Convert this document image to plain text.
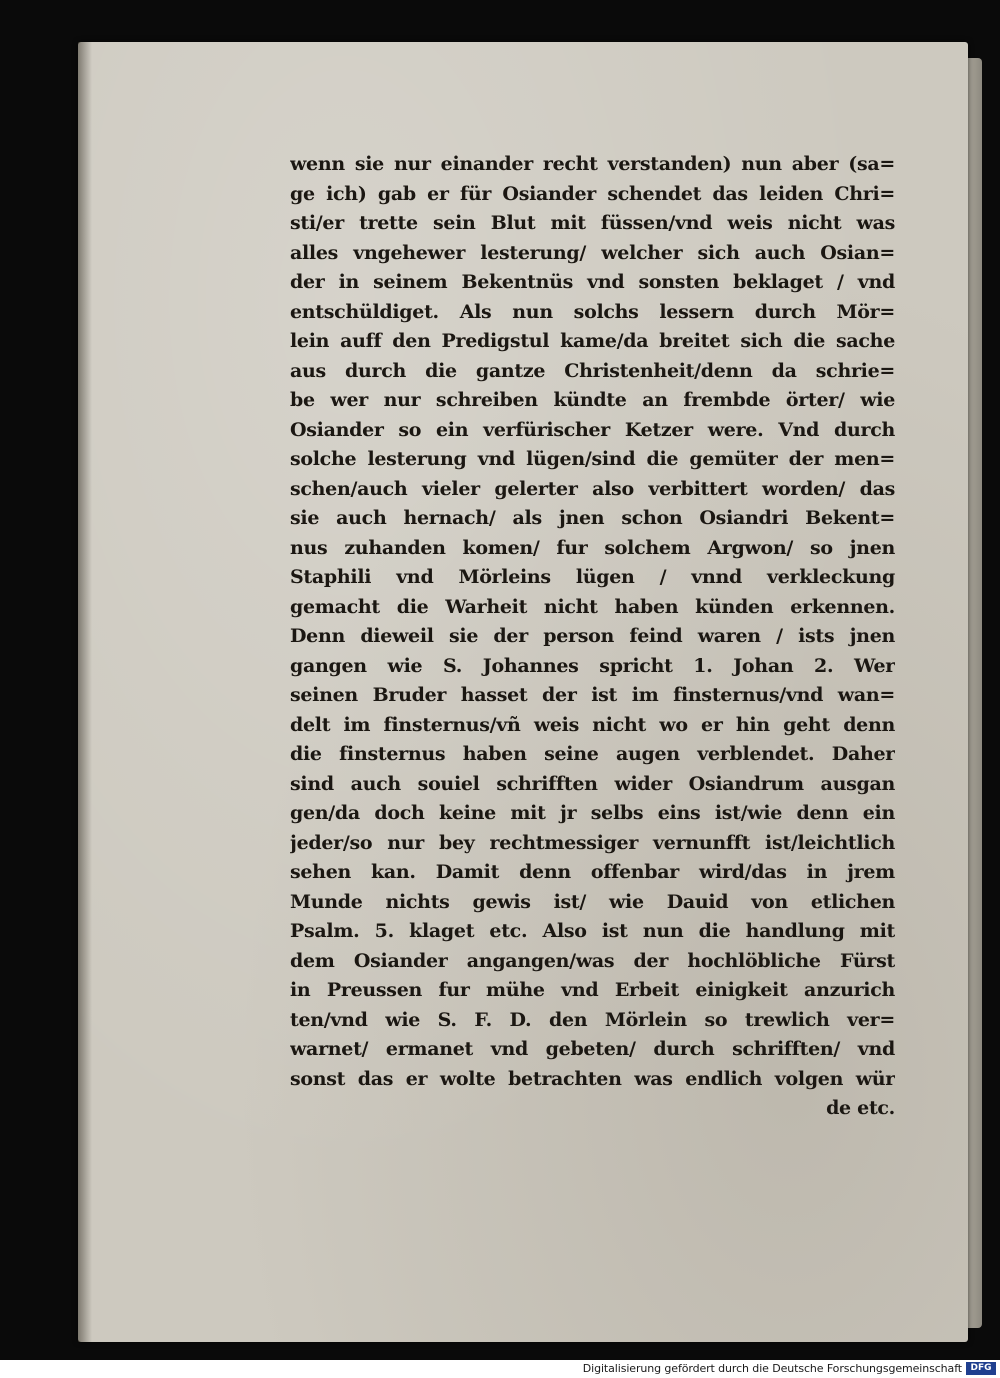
wenn sie nur einander recht verstanden) nun aber (sa=
ge ich) gab er für Osiander schendet das leiden Chri=
sti/er trette sein Blut mit füssen/vnd weis nicht was
alles vngehewer lesterung/ welcher sich auch Osian=
der in seinem Bekentnüs vnd sonsten beklaget / vnd
entschüldiget. Als nun solchs lessern durch Mör=
lein auff den Predigstul kame/da breitet sich die sache
aus durch die gantze Christenheit/denn da schrie=
be wer nur schreiben kündte an frembde örter/ wie
Osiander so ein verfürischer Ketzer were. Vnd durch
solche lesterung vnd lügen/sind die gemüter der men=
schen/auch vieler gelerter also verbittert worden/ das
sie auch hernach/ als jnen schon Osiandri Bekent=
nus zuhanden komen/ fur solchem Argwon/ so jnen
Staphili vnd Mörleins lügen / vnnd verkleckung
gemacht die Warheit nicht haben künden erkennen.
Denn dieweil sie der person feind waren / ists jnen
gangen wie S. Johannes spricht 1. Johan 2. Wer
seinen Bruder hasset der ist im finsternus/vnd wan=
delt im finsternus/vñ weis nicht wo er hin geht denn
die finsternus haben seine augen verblendet. Daher
sind auch souiel schrifften wider Osiandrum ausgan
gen/da doch keine mit jr selbs eins ist/wie denn ein
jeder/so nur bey rechtmessiger vernunfft ist/leichtlich
sehen kan. Damit denn offenbar wird/das in jrem
Munde nichts gewis ist/ wie Dauid von etlichen
Psalm. 5. klaget etc. Also ist nun die handlung mit
dem Osiander angangen/was der hochlöbliche Fürst
in Preussen fur mühe vnd Erbeit einigkeit anzurich
ten/vnd wie S. F. D. den Mörlein so trewlich ver=
warnet/ ermanet vnd gebeten/ durch schrifften/ vnd
sonst das er wolte betrachten was endlich volgen wür
de etc.
Digitalisierung gefördert durch die Deutsche Forschungsgemeinschaft DFG
